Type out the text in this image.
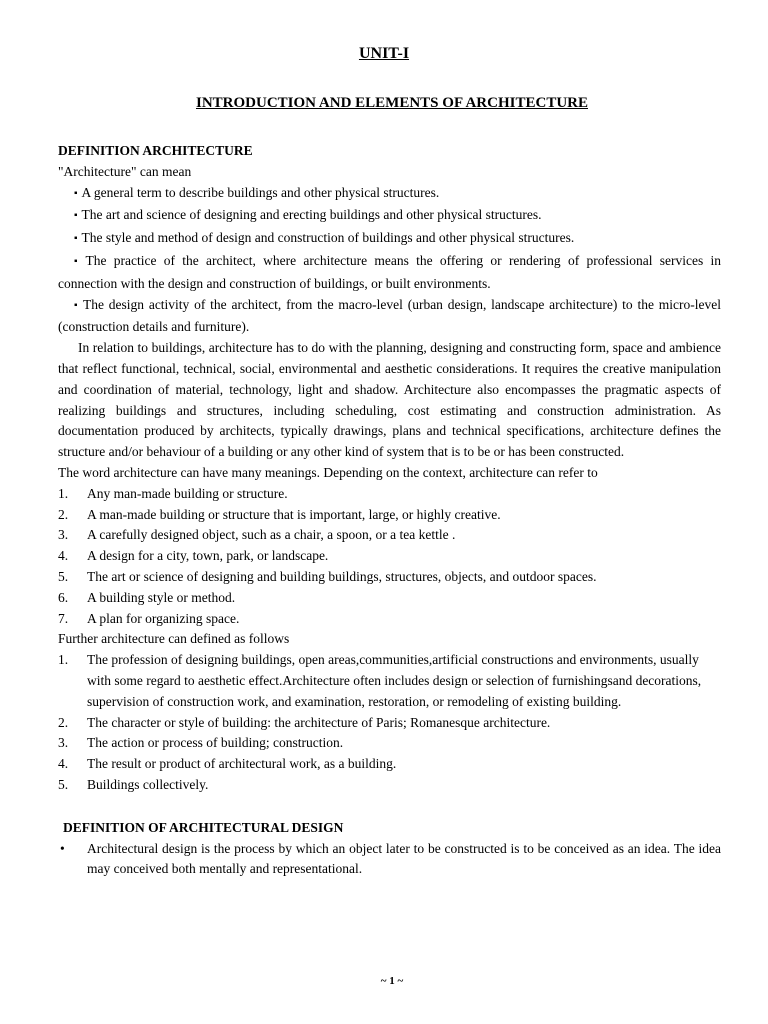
UNIT-I
INTRODUCTION AND ELEMENTS OF ARCHITECTURE

DEFINITION ARCHITECTURE

"Architecture" can mean

▪ A general term to describe buildings and other physical structures.

▪ The art and science of designing and erecting buildings and other physical structures.

▪ The style and method of design and construction of buildings and other physical structures.

▪ The practice of the architect, where architecture means the offering or rendering of professional services in connection with the design and construction of buildings, or built environments.

▪ The design activity of the architect, from the macro-level (urban design, landscape architecture) to the micro-level (construction details and furniture).

In relation to buildings, architecture has to do with the planning, designing and constructing form, space and ambience that reflect functional, technical, social, environmental and aesthetic considerations. It requires the creative manipulation and coordination of material, technology, light and shadow. Architecture also encompasses the pragmatic aspects of realizing buildings and structures, including scheduling, cost estimating and construction administration. As documentation produced by architects, typically drawings, plans and technical specifications, architecture defines the structure and/or behaviour of a building or any other kind of system that is to be or has been constructed.

The word architecture can have many meanings. Depending on the context, architecture can refer to

1.	Any man-made building or structure.
2.	A man-made building or structure that is important, large, or highly creative.
3.	A carefully designed object, such as a chair, a spoon, or a tea kettle .
4.	A design for a city, town, park, or landscape.
5.	The art or science of designing and building buildings, structures, objects, and outdoor spaces.
6.	A building style or method.
7.	A plan for organizing space.

Further architecture can defined as follows

1.	The profession of designing buildings, open areas,communities,artificial constructions and environments, usually with some regard to aesthetic effect.Architecture often includes design or selection of furnishingsand decorations, supervision of construction work, and examination, restoration, or remodeling of existing building.
2.	The character or style of building: the architecture of Paris; Romanesque architecture.
3.	The action or process of building; construction.
4.	The result or product of architectural work, as a building.
5.	Buildings collectively.

DEFINITION OF ARCHITECTURAL DESIGN

•	Architectural design is the process by which an object later to be constructed is to be conceived as an idea. The idea may conceived both mentally and representational.
~ 1 ~
